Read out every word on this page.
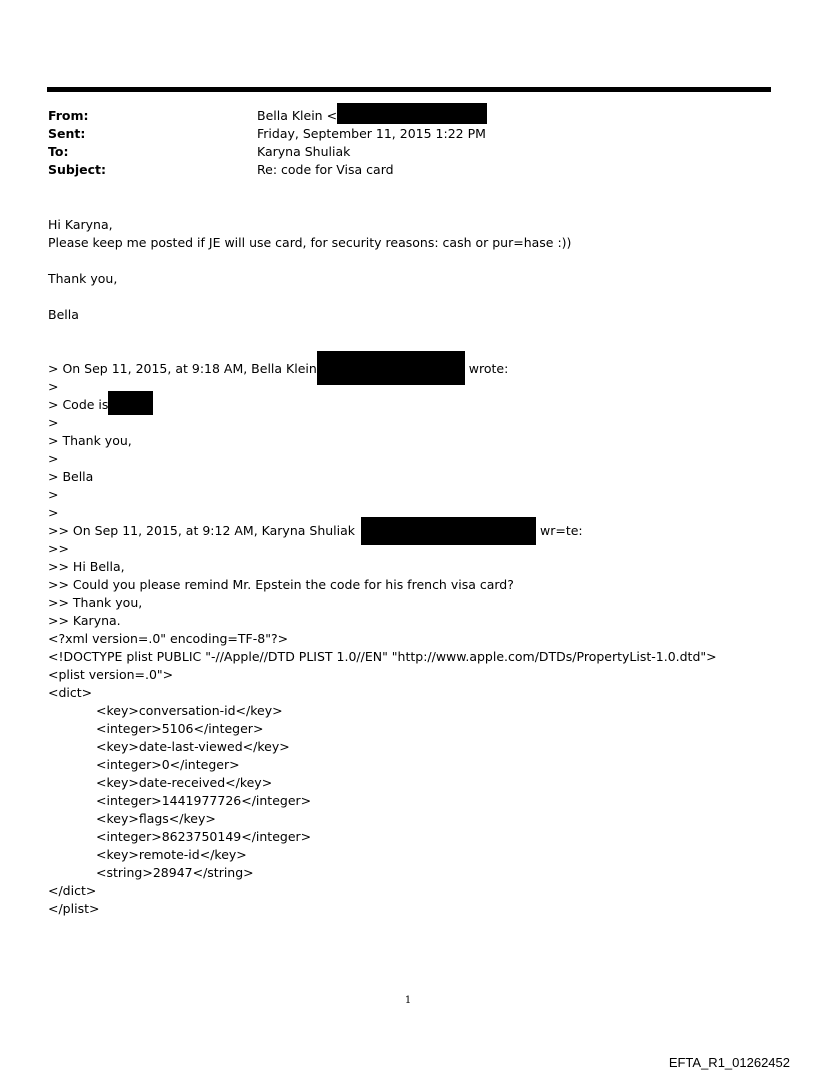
From:	Bella Klein <
Sent:	Friday, September 11, 2015 1:22 PM
To:	Karyna Shuliak
Subject:	Re: code for Visa card
Hi Karyna,
Please keep me posted if JE will use card, for security reasons: cash or pur=hase :))
Thank you,
Bella
> On Sep 11, 2015, at 9:18 AM, Bella Klein	wrote:
>
> Code is
>
> Thank you,
>
> Bella
>
>
>> On Sep 11, 2015, at 9:12 AM, Karyna Shuliak	wr=te:
>>
>> Hi Bella,
>> Could you please remind Mr. Epstein the code for his french visa card?
>> Thank you,
>> Karyna.
<?xml version=.0" encoding=TF-8"?>
<!DOCTYPE plist PUBLIC "-//Apple//DTD PLIST 1.0//EN" "http://www.apple.com/DTDs/PropertyList-1.0.dtd">
<plist version=.0">
<dict>
<key>conversation-id</key>
<integer>5106</integer>
<key>date-last-viewed</key>
<integer>0</integer>
<key>date-received</key>
<integer>1441977726</integer>
<key>flags</key>
<integer>8623750149</integer>
<key>remote-id</key>
<string>28947</string>
</dict>
</plist>
1
EFTA_R1_01262452
